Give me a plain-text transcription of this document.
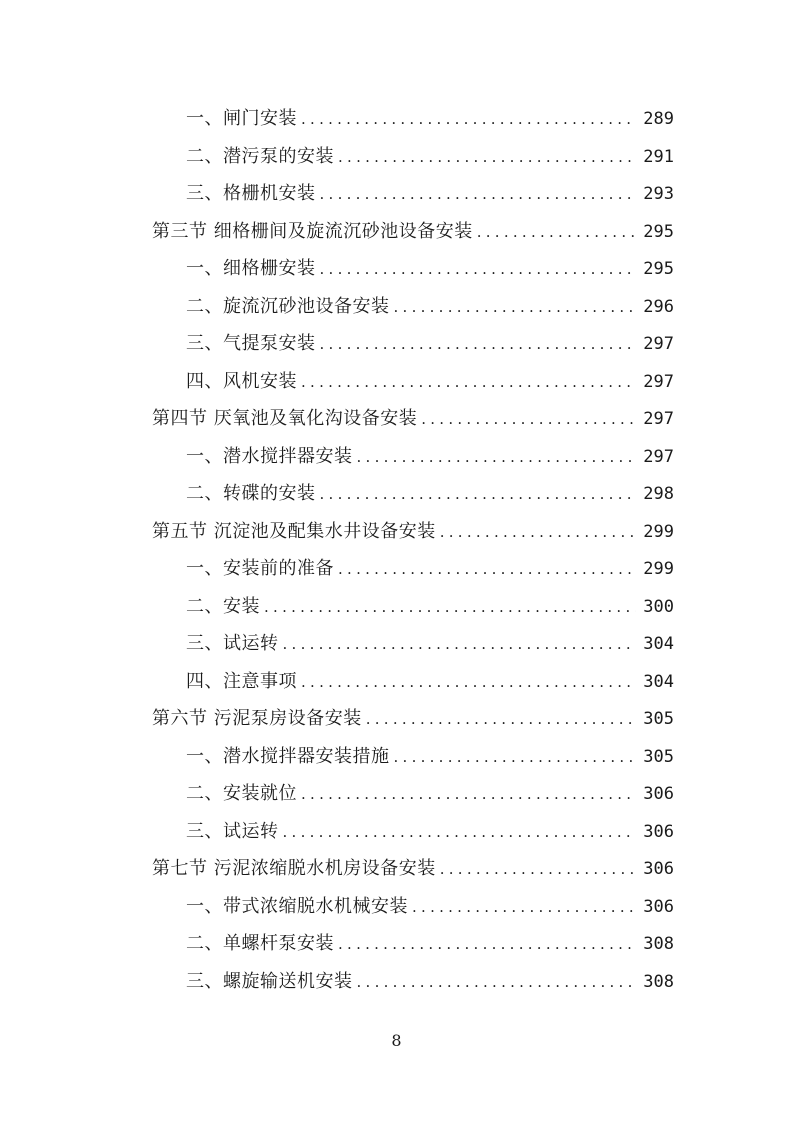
一、闸门安装 . . .	289
二、潜污泵的安装 . . .	291
三、格栅机安装 . . .	293
第三节 细格栅间及旋流沉砂池设备安装 . . .	295
一、细格栅安装 . . .	295
二、旋流沉砂池设备安装 . . .	296
三、气提泵安装 . . .	297
四、风机安装 . . .	297
第四节 厌氧池及氧化沟设备安装 . . .	297
一、潜水搅拌器安装 . . .	297
二、转碟的安装 . . .	298
第五节 沉淀池及配集水井设备安装 . . .	299
一、安装前的准备 . . .	299
二、安装 . . .	300
三、试运转 . . .	304
四、注意事项 . . .	304
第六节 污泥泵房设备安装 . . .	305
一、潜水搅拌器安装措施 . . .	305
二、安装就位 . . .	306
三、试运转 . . .	306
第七节 污泥浓缩脱水机房设备安装 . . .	306
一、带式浓缩脱水机械安装 . . .	306
二、单螺杆泵安装 . . .	308
三、螺旋输送机安装 . . .	308
8
